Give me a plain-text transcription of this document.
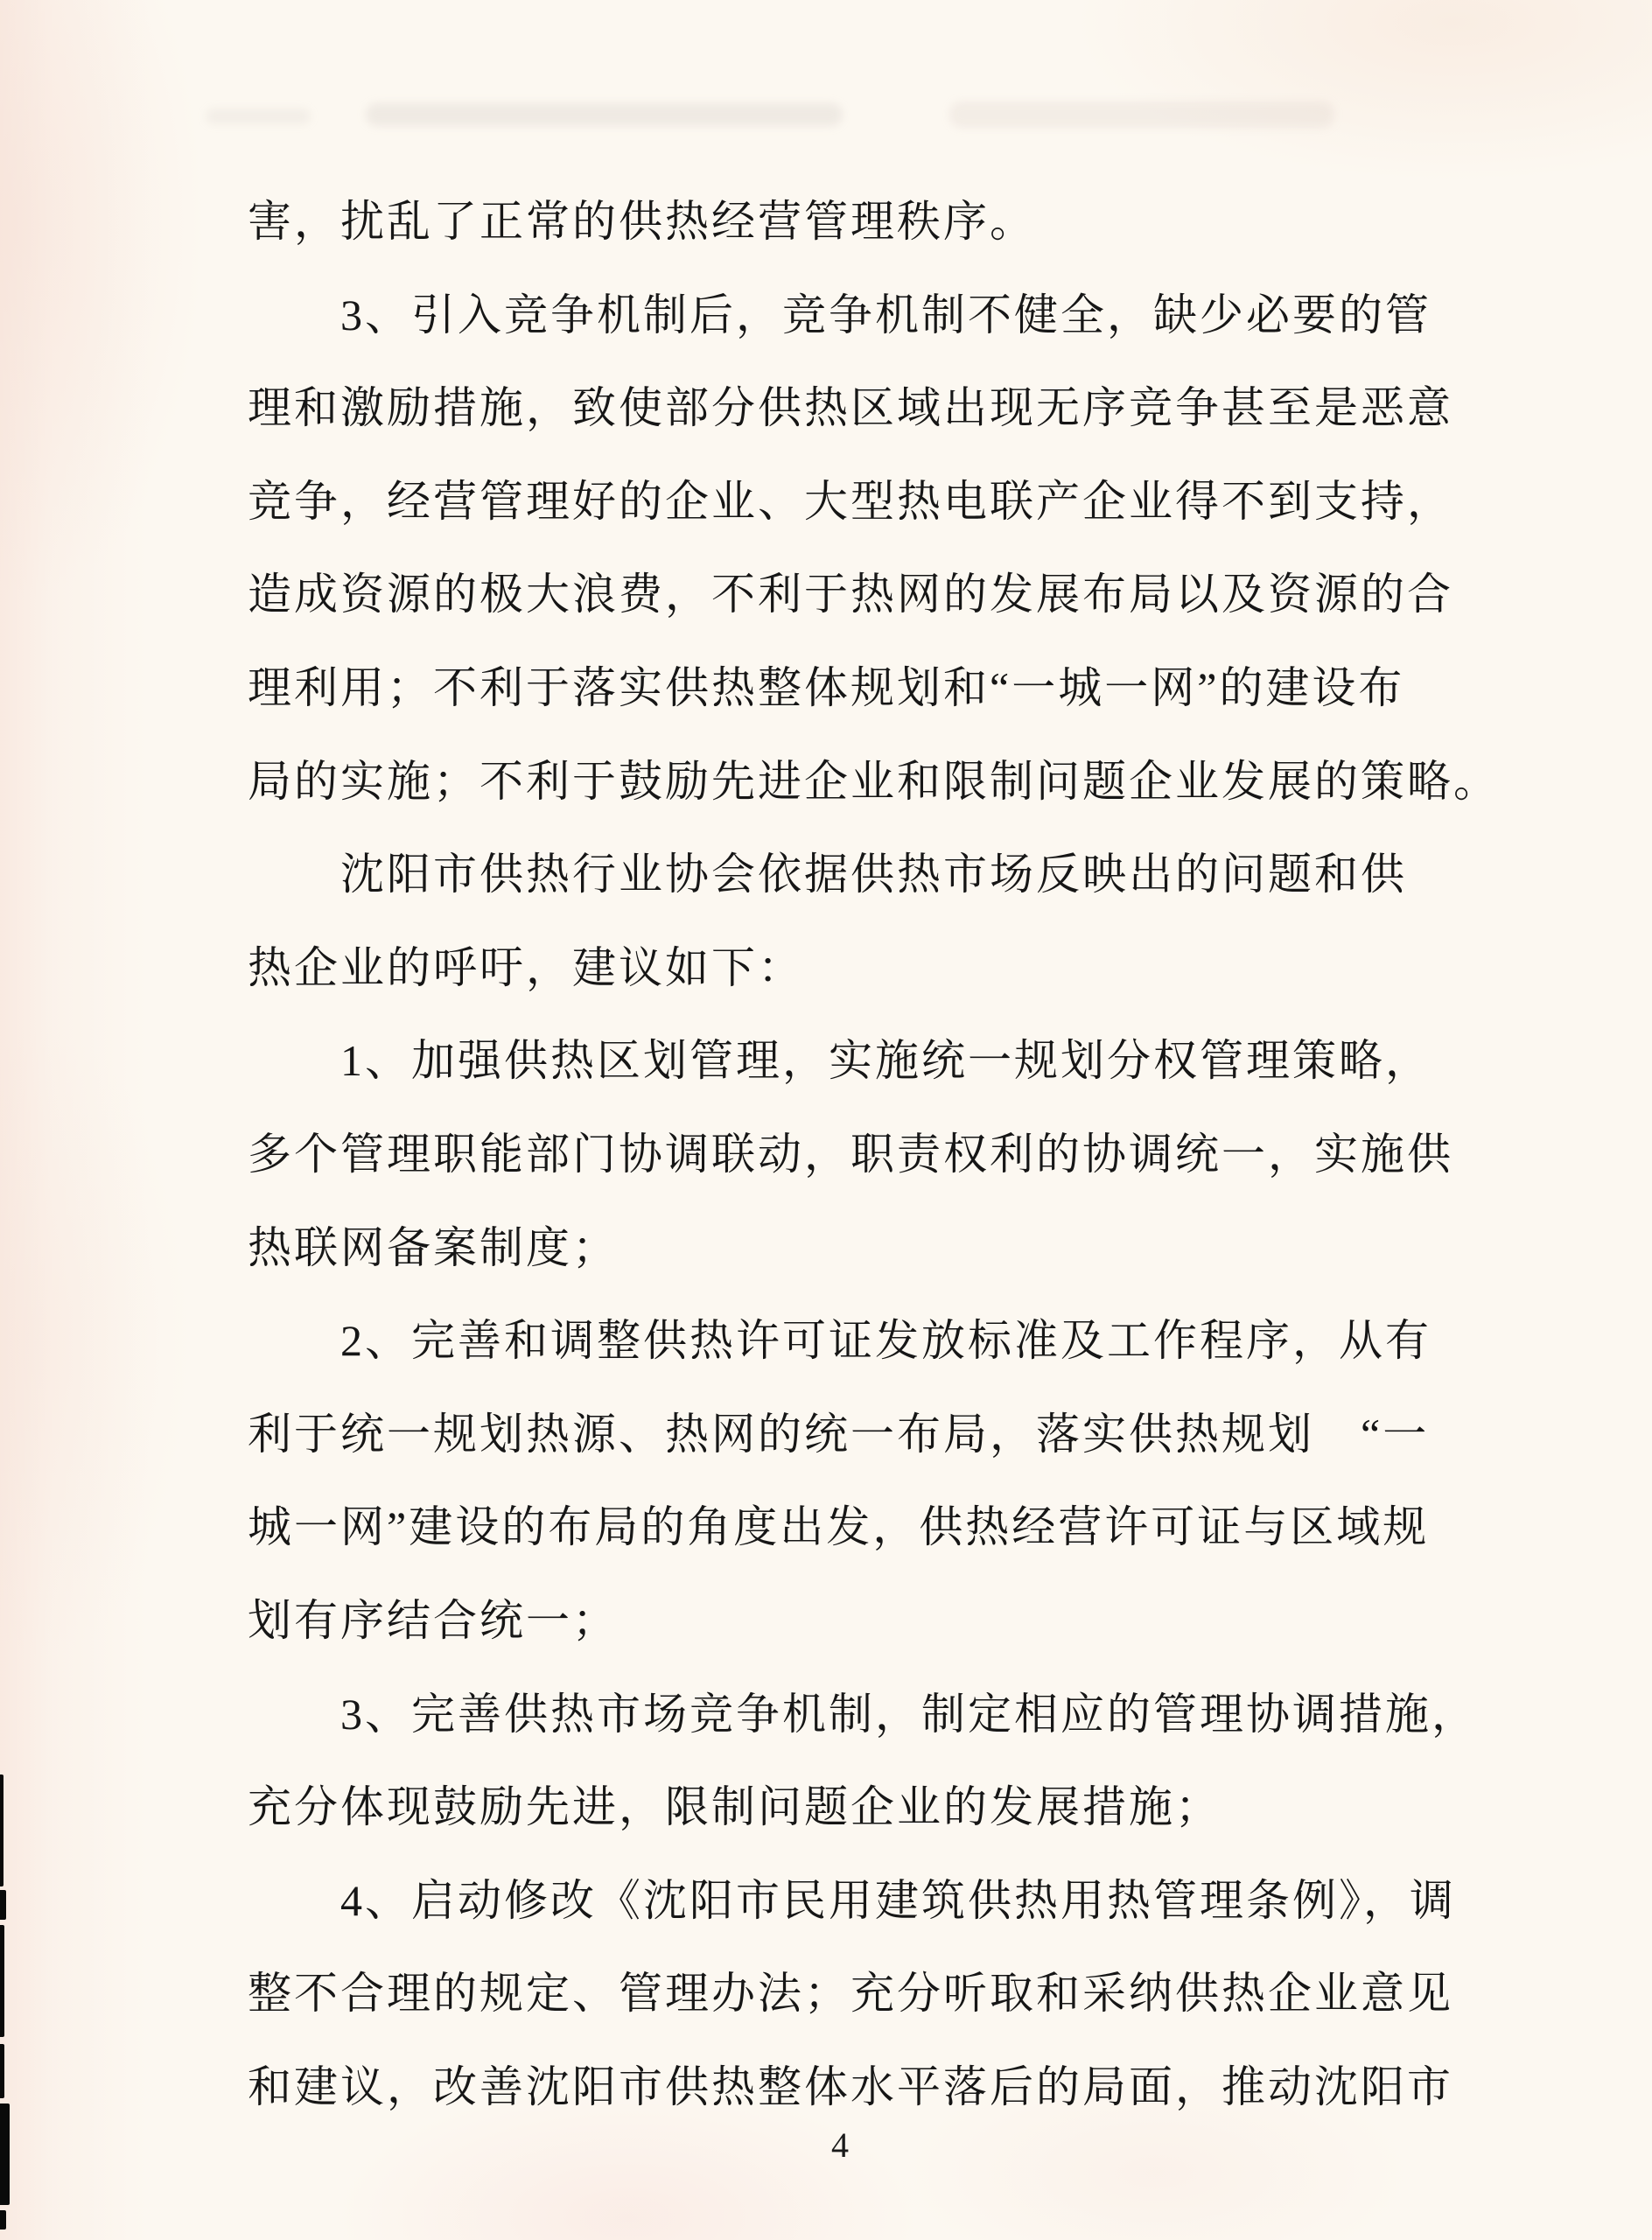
害，扰乱了正常的供热经营管理秩序。
3、引入竞争机制后，竞争机制不健全，缺少必要的管
理和激励措施，致使部分供热区域出现无序竞争甚至是恶意
竞争，经营管理好的企业、大型热电联产企业得不到支持，
造成资源的极大浪费，不利于热网的发展布局以及资源的合
理利用；不利于落实供热整体规划和“一城一网”的建设布
局的实施；不利于鼓励先进企业和限制问题企业发展的策略。
沈阳市供热行业协会依据供热市场反映出的问题和供
热企业的呼吁，建议如下：
1、加强供热区划管理，实施统一规划分权管理策略，
多个管理职能部门协调联动，职责权利的协调统一，实施供
热联网备案制度；
2、完善和调整供热许可证发放标准及工作程序，从有
利于统一规划热源、热网的统一布局，落实供热规划　“一
城一网”建设的布局的角度出发，供热经营许可证与区域规
划有序结合统一；
3、完善供热市场竞争机制，制定相应的管理协调措施，
充分体现鼓励先进，限制问题企业的发展措施；
4、启动修改《沈阳市民用建筑供热用热管理条例》，调
整不合理的规定、管理办法；充分听取和采纳供热企业意见
和建议，改善沈阳市供热整体水平落后的局面，推动沈阳市
4
